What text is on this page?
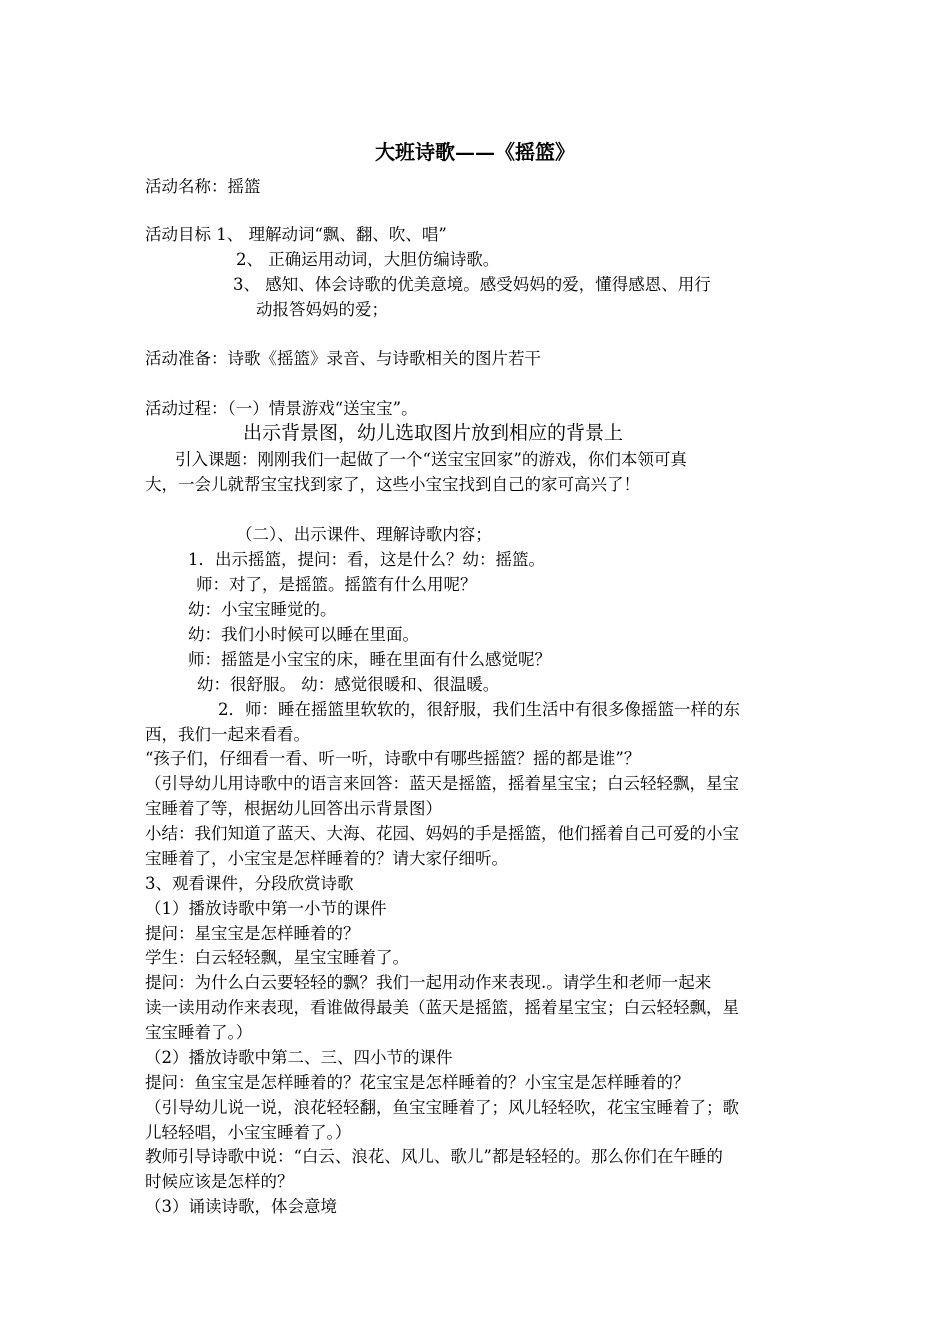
大班诗歌——《摇篮》
活动名称：摇篮
活动目标 1、 理解动词“飘、翻、吹、唱”
2、 正确运用动词，大胆仿编诗歌。
3、 感知、体会诗歌的优美意境。感受妈妈的爱，懂得感恩、用行
动报答妈妈的爱；
活动准备：诗歌《摇篮》录音、与诗歌相关的图片若干
活动过程：（一）情景游戏“送宝宝”。
出示背景图，幼儿选取图片放到相应的背景上
引入课题：刚刚我们一起做了一个“送宝宝回家”的游戏，你们本领可真
大，一会儿就帮宝宝找到家了，这些小宝宝找到自己的家可高兴了！
（二）、出示课件、理解诗歌内容；
1．出示摇篮，提问：看，这是什么？幼：摇篮。
师：对了，是摇篮。摇篮有什么用呢？
幼：小宝宝睡觉的。
幼：我们小时候可以睡在里面。
师：摇篮是小宝宝的床，睡在里面有什么感觉呢？
幼：很舒服。 幼：感觉很暖和、很温暖。
2．师：睡在摇篮里软软的，很舒服，我们生活中有很多像摇篮一样的东
西，我们一起来看看。
“孩子们，仔细看一看、听一听，诗歌中有哪些摇篮？摇的都是谁”？
（引导幼儿用诗歌中的语言来回答：蓝天是摇篮，摇着星宝宝；白云轻轻飘，星宝
宝睡着了等，根据幼儿回答出示背景图）
小结：我们知道了蓝天、大海、花园、妈妈的手是摇篮，他们摇着自己可爱的小宝
宝睡着了，小宝宝是怎样睡着的？请大家仔细听。
3、观看课件，分段欣赏诗歌
（1）播放诗歌中第一小节的课件
提问：星宝宝是怎样睡着的？
学生：白云轻轻飘，星宝宝睡着了。
提问：为什么白云要轻轻的飘？我们一起用动作来表现.。请学生和老师一起来
读一读用动作来表现，看谁做得最美（蓝天是摇篮，摇着星宝宝；白云轻轻飘，星
宝宝睡着了。）
（2）播放诗歌中第二、三、四小节的课件
提问：鱼宝宝是怎样睡着的？花宝宝是怎样睡着的？小宝宝是怎样睡着的？
（引导幼儿说一说，浪花轻轻翻，鱼宝宝睡着了；风儿轻轻吹，花宝宝睡着了；歌
儿轻轻唱，小宝宝睡着了。）
教师引导诗歌中说：“白云、浪花、风儿、歌儿”都是轻轻的。那么你们在午睡的
时候应该是怎样的？
（3）诵读诗歌，体会意境
